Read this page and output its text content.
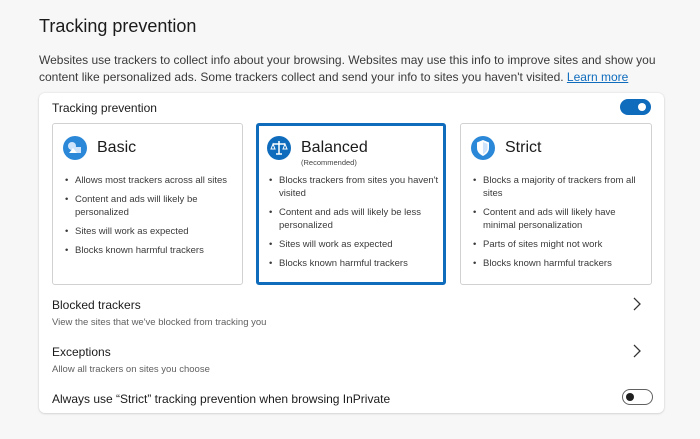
Tracking prevention

Websites use trackers to collect info about your browsing. Websites may use this info to improve sites and show you content like personalized ads. Some trackers collect and send your info to sites you haven't visited. Learn more

Tracking prevention
Basic
• Allows most trackers across all sites
• Content and ads will likely be personalized
• Sites will work as expected
• Blocks known harmful trackers
Balanced
(Recommended)
• Blocks trackers from sites you haven't visited
• Content and ads will likely be less personalized
• Sites will work as expected
• Blocks known harmful trackers
Strict
• Blocks a majority of trackers from all sites
• Content and ads will likely have minimal personalization
• Parts of sites might not work
• Blocks known harmful trackers
Blocked trackers
View the sites that we've blocked from tracking you
Exceptions
Allow all trackers on sites you choose
Always use “Strict” tracking prevention when browsing InPrivate
